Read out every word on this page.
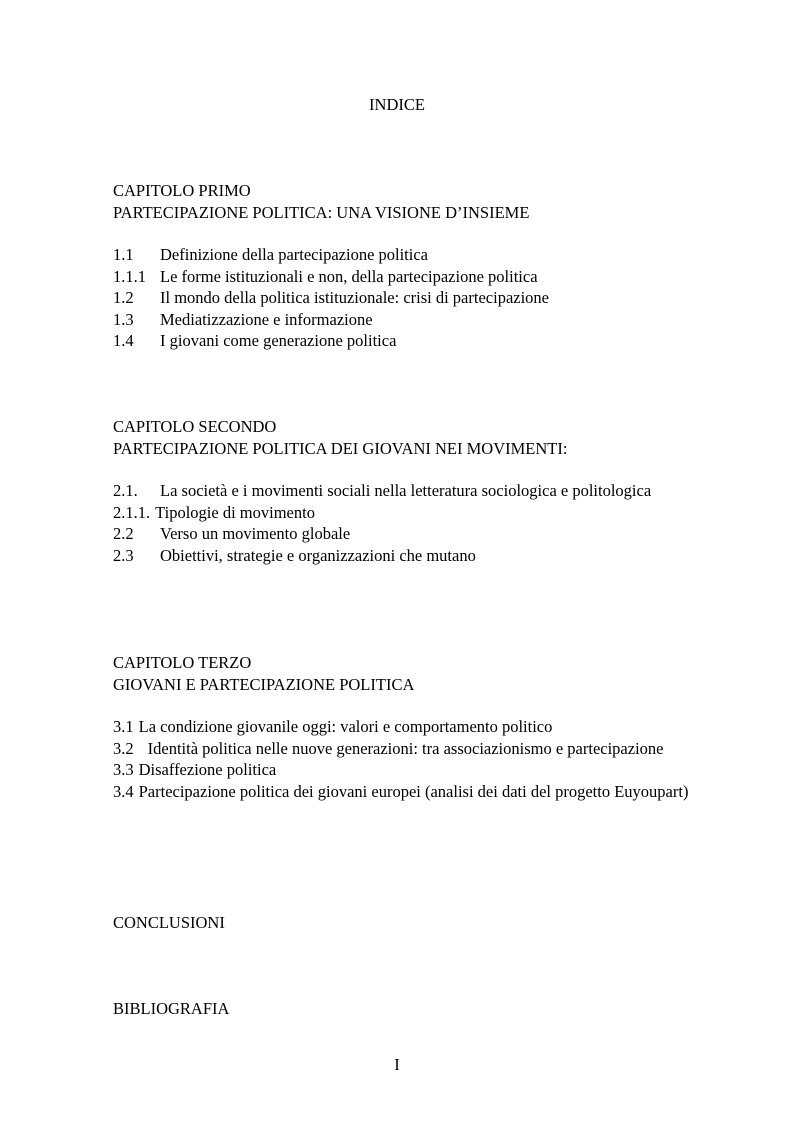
INDICE
CAPITOLO PRIMO
PARTECIPAZIONE POLITICA: UNA VISIONE D’INSIEME
1.1	Definizione della partecipazione politica
1.1.1 Le forme istituzionali e non, della partecipazione politica
1.2	Il mondo della politica istituzionale: crisi di partecipazione
1.3	Mediatizzazione e informazione
1.4	I giovani come generazione politica
CAPITOLO SECONDO
PARTECIPAZIONE POLITICA DEI GIOVANI NEI MOVIMENTI:
2.1.	La società e i movimenti sociali nella letteratura sociologica e politologica
2.1.1. Tipologie di movimento
2.2	Verso un movimento globale
2.3	Obiettivi, strategie e organizzazioni che mutano
CAPITOLO TERZO
GIOVANI E PARTECIPAZIONE POLITICA
3.1 La condizione giovanile oggi: valori e comportamento politico
3.2 Identità politica nelle nuove generazioni: tra associazionismo e partecipazione
3.3 Disaffezione politica
3.4 Partecipazione politica dei giovani europei (analisi dei dati del progetto Euyoupart)
CONCLUSIONI
BIBLIOGRAFIA
I
